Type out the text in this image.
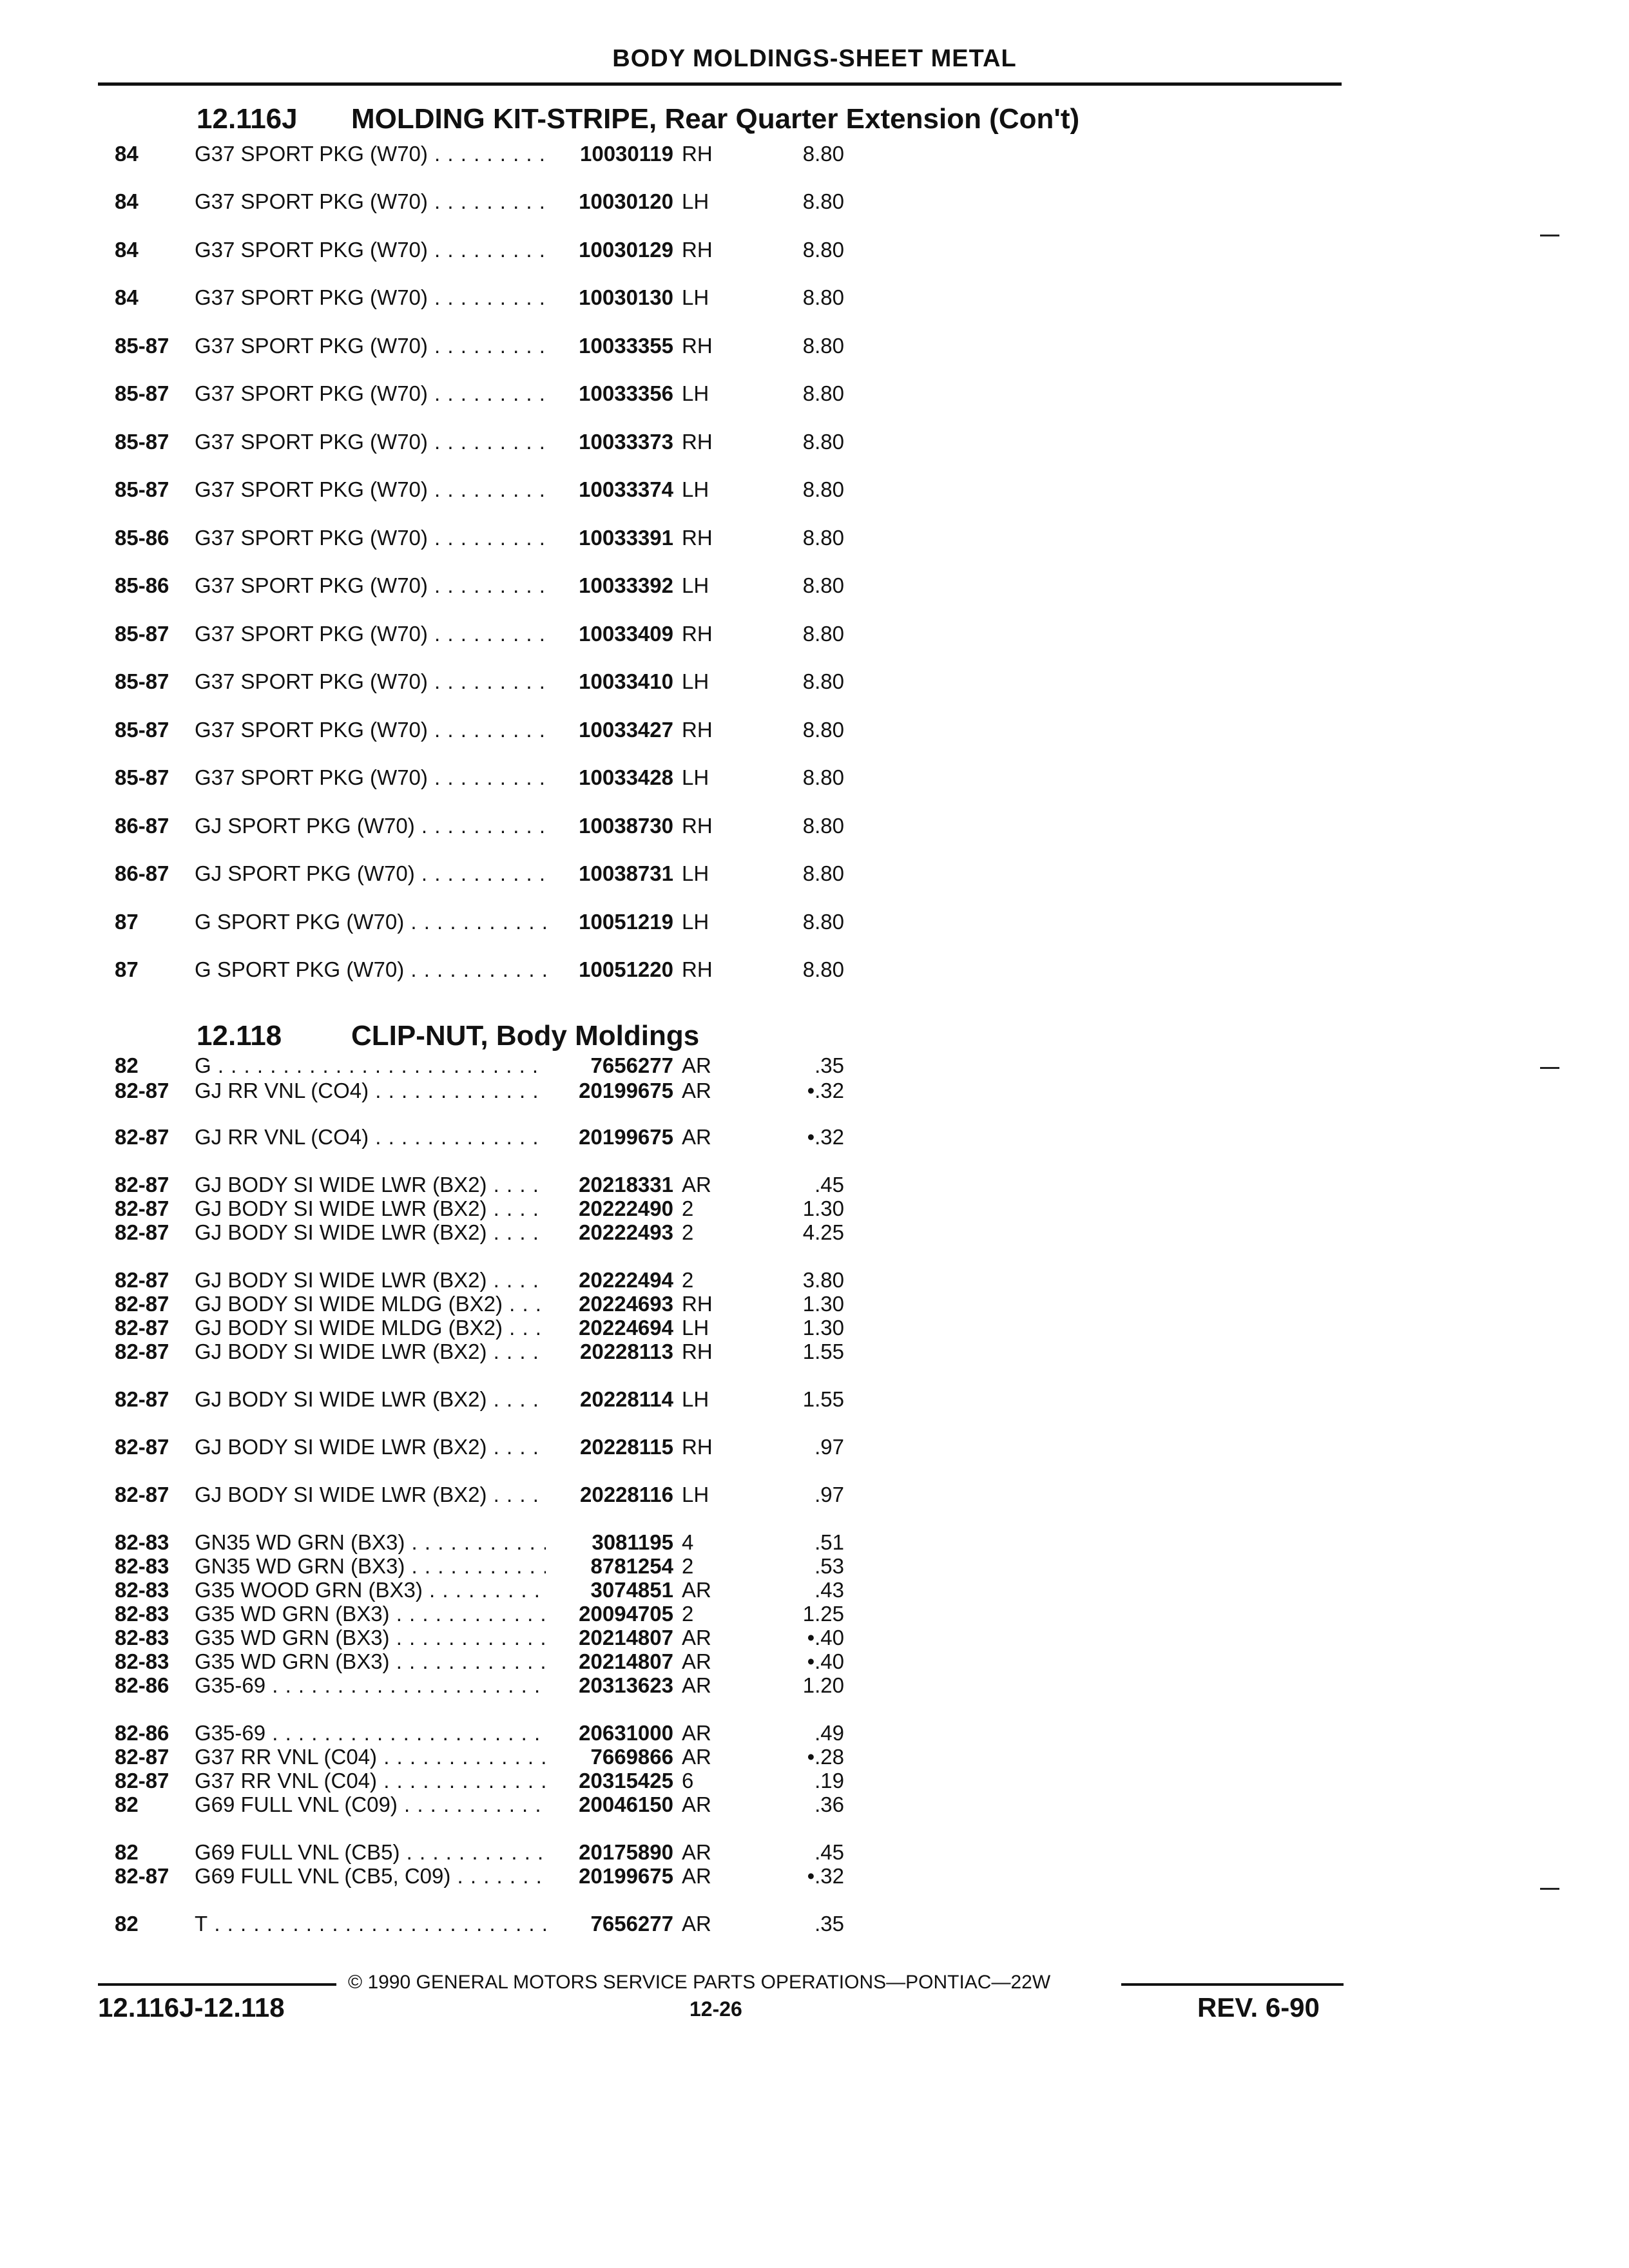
BODY MOLDINGS-SHEET METAL
12.116J MOLDING KIT-STRIPE, Rear Quarter Extension (Con't)
12.118 CLIP-NUT, Body Moldings
84	G37 SPORT PKG (W70) . . .	10030119 RH	8.80
84	G37 SPORT PKG (W70) . . .	10030120 LH	8.80
84	G37 SPORT PKG (W70) . . .	10030129 RH	8.80
84	G37 SPORT PKG (W70) . . .	10030130 LH	8.80
85-87 G37 SPORT PKG (W70) . . .	10033355 RH	8.80
85-87 G37 SPORT PKG (W70) . . .	10033356 LH	8.80
85-87 G37 SPORT PKG (W70) . . .	10033373 RH	8.80
85-87 G37 SPORT PKG (W70) . . .	10033374 LH	8.80
85-86 G37 SPORT PKG (W70) . . .	10033391 RH	8.80
85-86 G37 SPORT PKG (W70) . . .	10033392 LH	8.80
85-87 G37 SPORT PKG (W70) . . .	10033409 RH	8.80
85-87 G37 SPORT PKG (W70) . . .	10033410 LH	8.80
85-87 G37 SPORT PKG (W70) . . .	10033427 RH	8.80
85-87 G37 SPORT PKG (W70) . . .	10033428 LH	8.80
86-87 GJ SPORT PKG (W70) . . .	10038730 RH	8.80
86-87 GJ SPORT PKG (W70) . . .	10038731 LH	8.80
87	G SPORT PKG (W70) . . .	10051219 LH	8.80
87	G SPORT PKG (W70) . . .	10051220 RH	8.80
82	G . . .	7656277 AR	.35
82-87 GJ RR VNL (CO4) . . .	20199675 AR	•.32
82-87 GJ RR VNL (CO4) . . .	20199675 AR	•.32
82-87 GJ BODY SI WIDE LWR (BX2) . . .	20218331 AR	.45
82-87 GJ BODY SI WIDE LWR (BX2) . . .	20222490 2	1.30
82-87 GJ BODY SI WIDE LWR (BX2) . . .	20222493 2	4.25
82-87 GJ BODY SI WIDE LWR (BX2) . . .	20222494 2	3.80
82-87 GJ BODY SI WIDE MLDG (BX2) . . .	20224693 RH	1.30
82-87 GJ BODY SI WIDE MLDG (BX2) . . .	20224694 LH	1.30
82-87 GJ BODY SI WIDE LWR (BX2) . . .	20228113 RH	1.55
82-87 GJ BODY SI WIDE LWR (BX2) . . .	20228114 LH	1.55
82-87 GJ BODY SI WIDE LWR (BX2) . . .	20228115 RH	.97
82-87 GJ BODY SI WIDE LWR (BX2) . . .	20228116 LH	.97
82-83 GN35 WD GRN (BX3) . . .	3081195 4	.51
82-83 GN35 WD GRN (BX3) . . .	8781254 2	.53
82-83 G35 WOOD GRN (BX3) . . .	3074851 AR	.43
82-83 G35 WD GRN (BX3) . . .	20094705 2	1.25
82-83 G35 WD GRN (BX3) . . .	20214807 AR	•.40
82-83 G35 WD GRN (BX3) . . .	20214807 AR	•.40
82-86 G35-69 . . .	20313623 AR	1.20
82-86 G35-69 . . .	20631000 AR	.49
82-87 G37 RR VNL (C04) . . .	7669866 AR	•.28
82-87 G37 RR VNL (C04) . . .	20315425 6	.19
82	G69 FULL VNL (C09) . . .	20046150 AR	.36
82	G69 FULL VNL (CB5) . . .	20175890 AR	.45
82-87 G69 FULL VNL (CB5, C09) . . .	20199675 AR	•.32
82	T . . .	7656277 AR	.35
© 1990 GENERAL MOTORS SERVICE PARTS OPERATIONS—PONTIAC—22W
12.116J-12.118	12-26	REV. 6-90
